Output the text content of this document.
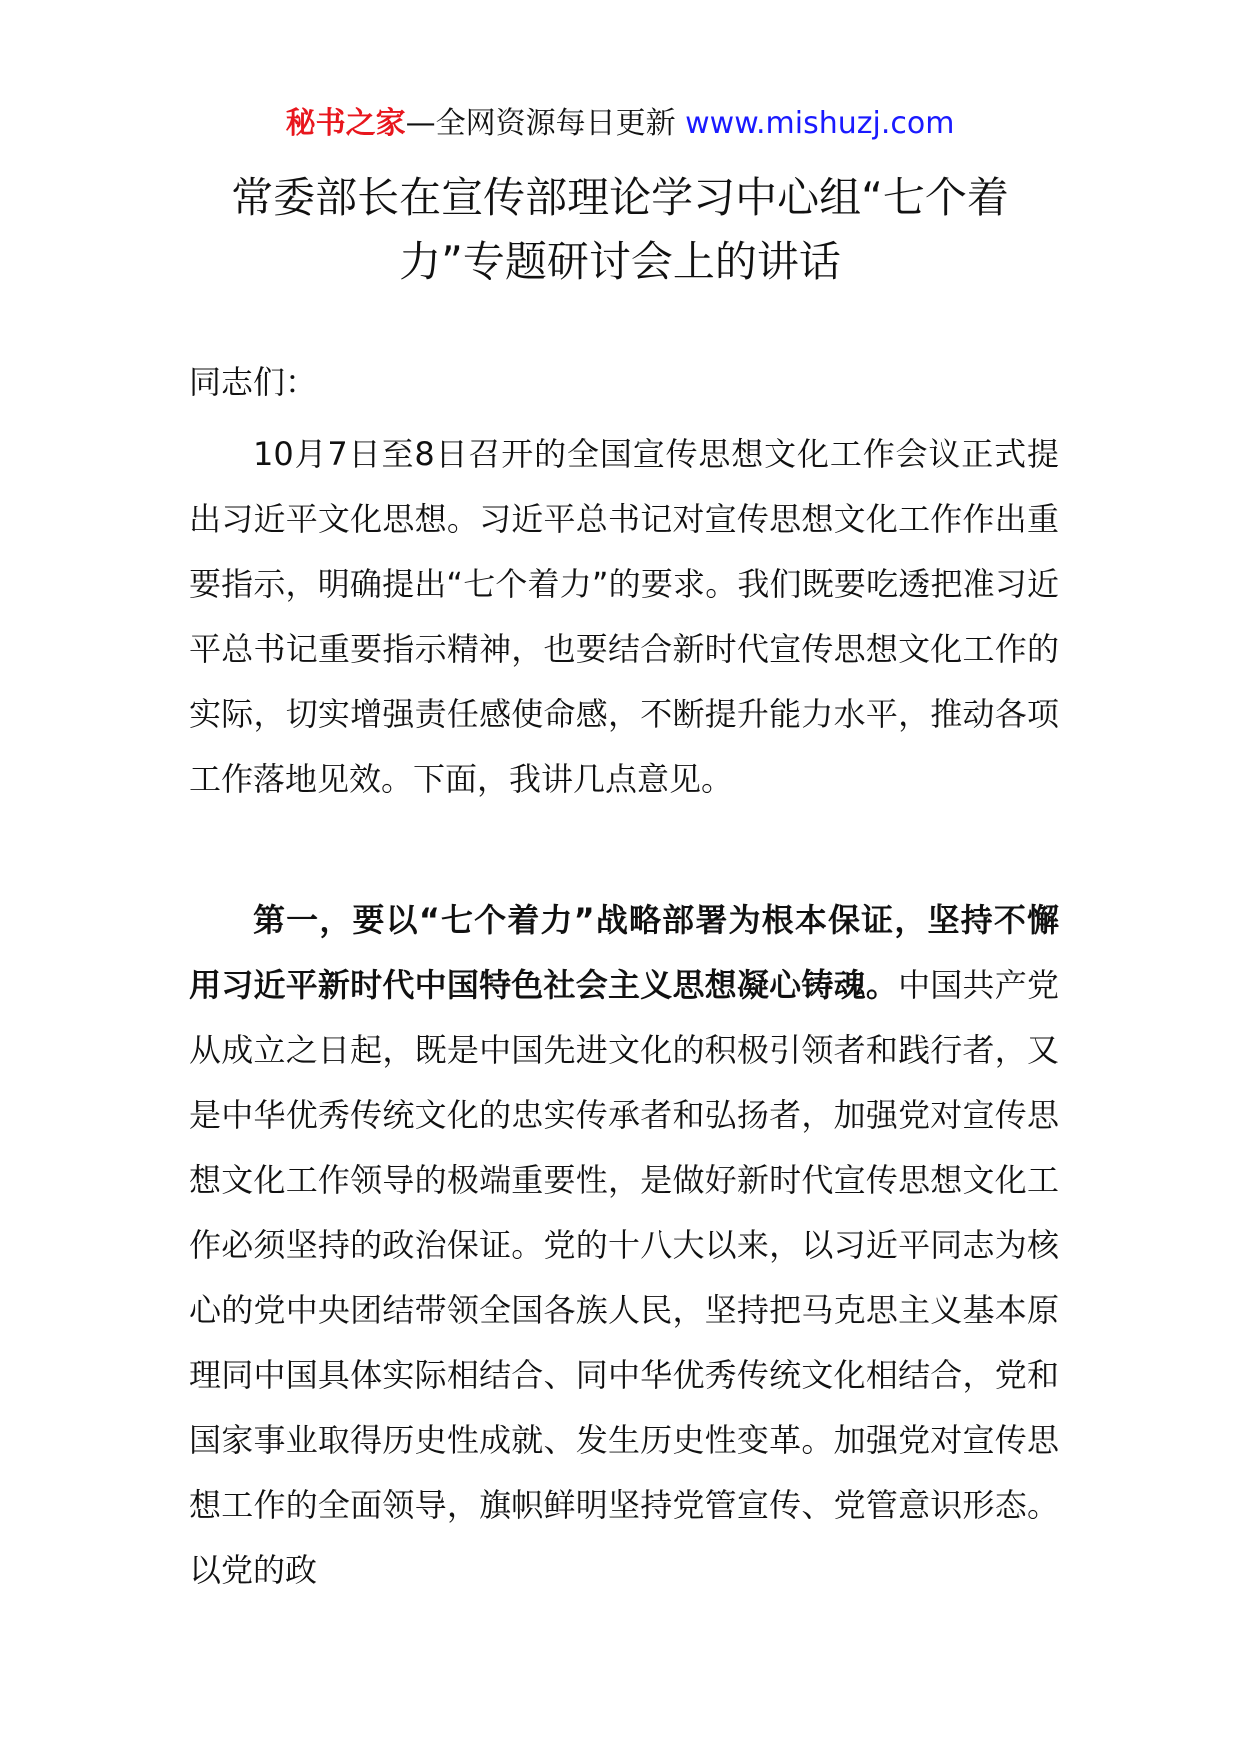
秘书之家—全网资源每日更新 www.mishuzj.com
常委部长在宣传部理论学习中心组“七个着力”专题研讨会上的讲话
同志们：

10月7日至8日召开的全国宣传思想文化工作会议正式提出习近平文化思想。习近平总书记对宣传思想文化工作作出重要指示，明确提出“七个着力”的要求。我们既要吃透把准习近平总书记重要指示精神，也要结合新时代宣传思想文化工作的实际，切实增强责任感使命感，不断提升能力水平，推动各项工作落地见效。下面，我讲几点意见。

第一，要以“七个着力”战略部署为根本保证，坚持不懈用习近平新时代中国特色社会主义思想凝心铸魂。中国共产党从成立之日起，既是中国先进文化的积极引领者和践行者，又是中华优秀传统文化的忠实传承者和弘扬者，加强党对宣传思想文化工作领导的极端重要性，是做好新时代宣传思想文化工作必须坚持的政治保证。党的十八大以来，以习近平同志为核心的党中央团结带领全国各族人民，坚持把马克思主义基本原理同中国具体实际相结合、同中华优秀传统文化相结合，党和国家事业取得历史性成就、发生历史性变革。加强党对宣传思想工作的全面领导，旗帜鲜明坚持党管宣传、党管意识形态。以党的政
